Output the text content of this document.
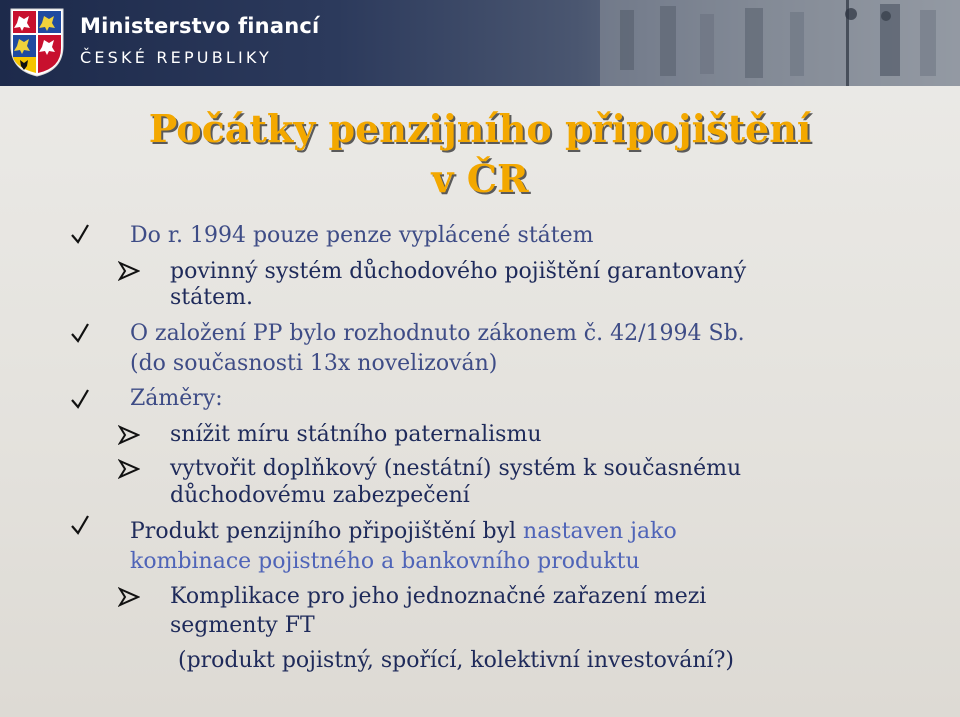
Ministerstvo financí
ČESKÉ REPUBLIKY
Počátky penzijního připojištění
v ČR
Do r. 1994 pouze penze vyplácené státem
povinný systém důchodového pojištění garantovaný
státem.
O založení PP bylo rozhodnuto zákonem č. 42/1994 Sb.
(do současnosti 13x novelizován)
Záměry:
snížit míru státního paternalismu
vytvořit doplňkový (nestátní) systém k současnému
důchodovému zabezpečení
Produkt penzijního připojištění byl nastaven jako
kombinace pojistného a bankovního produktu
Komplikace pro jeho jednoznačné zařazení mezi
segmenty FT
(produkt pojistný, spořící, kolektivní investování?)
